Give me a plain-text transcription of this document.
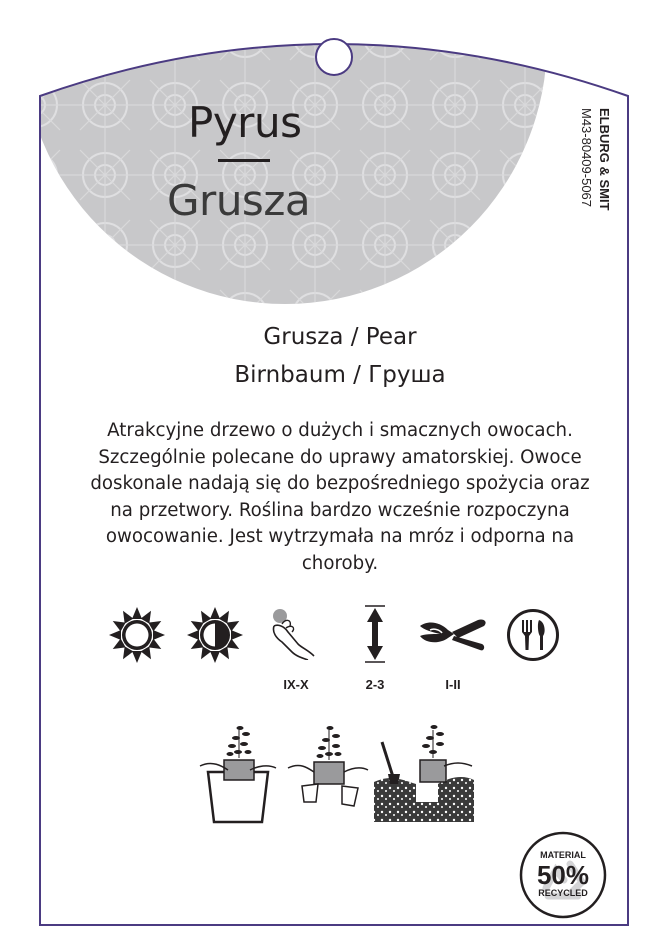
Pyrus
Grusza	ELBURG & SMIT
M43-80409-5067
Grusza / Pear
Birnbaum / Груша
Atrakcyjne drzewo o dużych i smacznych owocach.
Szczególnie polecane do uprawy amatorskiej. Owoce
doskonale nadają się do bezpośredniego spożycia oraz
na przetwory. Roślina bardzo wcześnie rozpoczyna
owocowanie. Jest wytrzymała na mróz i odporna na
choroby.
IX-X	2-3	I-II
MATERIAL
50%
RECYCLED
